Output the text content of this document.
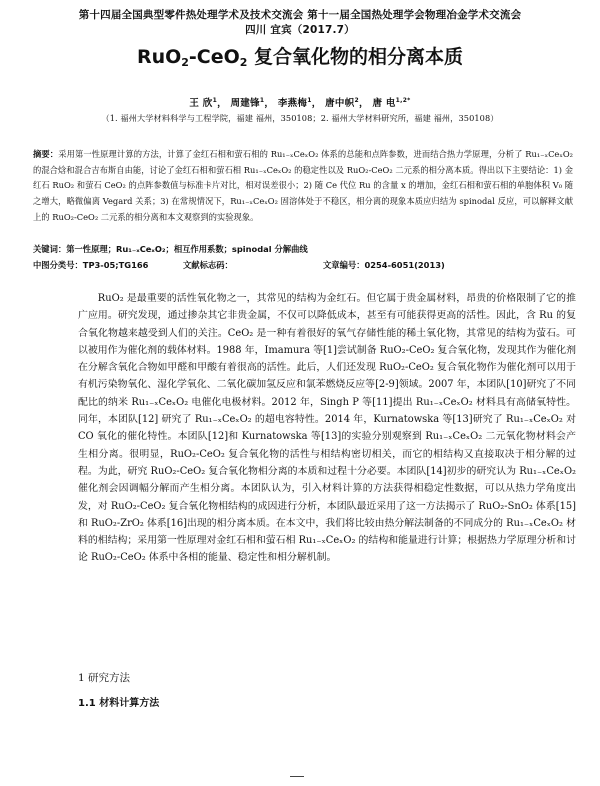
第十四届全国典型零件热处理学术及技术交流会 第十一届全国热处理学会物理冶金学术交流会
四川 宜宾（2017.7）
RuO$_2$-CeO$_2$ 复合氧化物的相分离本质
王 欣$^1$， 周建锋$^1$， 李燕梅$^1$， 唐中帜$^2$， 唐 电$^{1,2*}$
（1. 福州大学材料科学与工程学院，福建 福州，350108；2. 福州大学材料研究所，福建 福州，350108）
摘要：采用第一性原理计算的方法，计算了金红石相和萤石相的 Ru₁₋ₓCeₓO₂ 体系的总能和点阵参数，进而结合热力学原理，分析了 Ru₁₋ₓCeₓO₂ 的混合焓和混合吉布斯自由能，讨论了金红石相和萤石相 Ru₁₋ₓCeₓO₂ 的稳定性以及 RuO₂-CeO₂ 二元系的相分离本质。得出以下主要结论：1) 金红石 RuO₂ 和萤石 CeO₂ 的点阵参数值与标准卡片对比，相对误差很小；2) 随 Ce 代位 Ru 的含量 x 的增加，金红石相和萤石相的单胞体积 V₀ 随之增大，略微偏离 Vegard 关系；3) 在常规情况下，Ru₁₋ₓCeₓO₂ 固溶体处于不稳区，相分离的现象本质应归结为 spinodal 反应，可以解释文献上的 RuO₂-CeO₂ 二元系的相分离和本文观察到的实验现象。
关键词：第一性原理；Ru₁₋ₓCeₓO₂；相互作用系数；spinodal 分解曲线
中图分类号：TP3-05;TG166	文献标志码：	文章编号：0254-6051(2013)
RuO₂ 是最重要的活性氧化物之一，其常见的结构为金红石。但它属于贵金属材料，昂贵的价格限制了它的推广应用。研究发现，通过掺杂其它非贵金属，不仅可以降低成本，甚至有可能获得更高的活性。因此，含 Ru 的复合氧化物越来越受到人们的关注。CeO₂ 是一种有着很好的氧气存储性能的稀土氧化物，其常见的结构为萤石。可以被用作为催化剂的载体材料。1988 年，Imamura 等[1]尝试制备 RuO₂-CeO₂ 复合氧化物，发现其作为催化剂在分解含氧化合物如甲醛和甲酸有着很高的活性。此后，人们还发现 RuO₂-CeO₂ 复合氧化物作为催化剂可以用于有机污染物氧化、湿化学氧化、二氧化碳加氢反应和氯苯燃烧反应等[2-9]领域。2007 年，本团队[10]研究了不同配比的纳米 Ru₁₋ₓCeₓO₂ 电催化电极材料。2012 年，Singh P 等[11]提出 Ru₁₋ₓCeₓO₂ 材料具有高储氧特性。同年，本团队[12] 研究了 Ru₁₋ₓCeₓO₂ 的超电容特性。2014 年，Kurnatowska 等[13]研究了 Ru₁₋ₓCeₓO₂ 对 CO 氧化的催化特性。本团队[12]和 Kurnatowska 等[13]的实验分别观察到 Ru₁₋ₓCeₓO₂ 二元氧化物材料会产生相分离。很明显，RuO₂-CeO₂ 复合氧化物的活性与相结构密切相关，而它的相结构又直接取决于相分解的过程。为此，研究 RuO₂-CeO₂ 复合氧化物相分离的本质和过程十分必要。本团队[14]初步的研究认为 Ru₁₋ₓCeₓO₂ 催化剂会因调幅分解而产生相分离。本团队认为，引入材料计算的方法获得相稳定性数据，可以从热力学角度出发，对 RuO₂-CeO₂ 复合氧化物相结构的成因进行分析，本团队最近采用了这一方法揭示了 RuO₂-SnO₂ 体系[15]和 RuO₂-ZrO₂ 体系[16]出现的相分离本质。在本文中，我们将比较由热分解法制备的不同成分的 Ru₁₋ₓCeₓO₂ 材料的相结构；采用第一性原理对金红石相和萤石相 Ru₁₋ₓCeₓO₂ 的结构和能量进行计算；根据热力学原理分析和讨论 RuO₂-CeO₂ 体系中各相的能量、稳定性和相分解机制。
1 研究方法
1.1 材料计算方法
